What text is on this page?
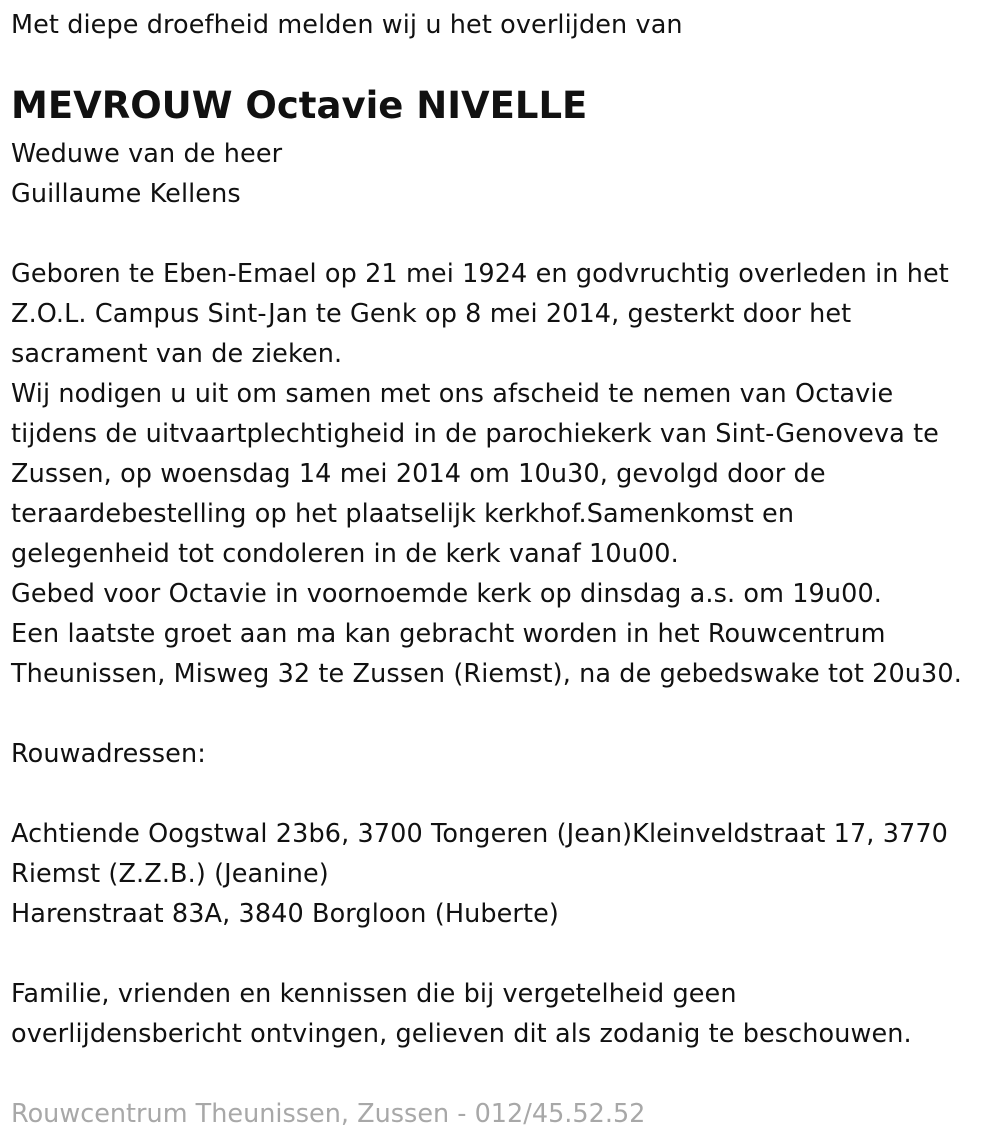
Met diepe droefheid melden wij u het overlijden van
MEVROUW Octavie NIVELLE
Weduwe van de heer
Guillaume Kellens
Geboren te Eben-Emael op 21 mei 1924 en godvruchtig overleden in het
Z.O.L. Campus Sint-Jan te Genk op 8 mei 2014, gesterkt door het
sacrament van de zieken.
Wij nodigen u uit om samen met ons afscheid te nemen van Octavie
tijdens de uitvaartplechtigheid in de parochiekerk van Sint-Genoveva te
Zussen, op woensdag 14 mei 2014 om 10u30, gevolgd door de
teraardebestelling op het plaatselijk kerkhof.Samenkomst en
gelegenheid tot condoleren in de kerk vanaf 10u00.
Gebed voor Octavie in voornoemde kerk op dinsdag a.s. om 19u00.
Een laatste groet aan ma kan gebracht worden in het Rouwcentrum
Theunissen, Misweg 32 te Zussen (Riemst), na de gebedswake tot 20u30.
Rouwadressen:
Achtiende Oogstwal 23b6, 3700 Tongeren (Jean)Kleinveldstraat 17, 3770
Riemst (Z.Z.B.) (Jeanine)
Harenstraat 83A, 3840 Borgloon (Huberte)
Familie, vrienden en kennissen die bij vergetelheid geen
overlijdensbericht ontvingen, gelieven dit als zodanig te beschouwen.
Rouwcentrum Theunissen, Zussen - 012/45.52.52
